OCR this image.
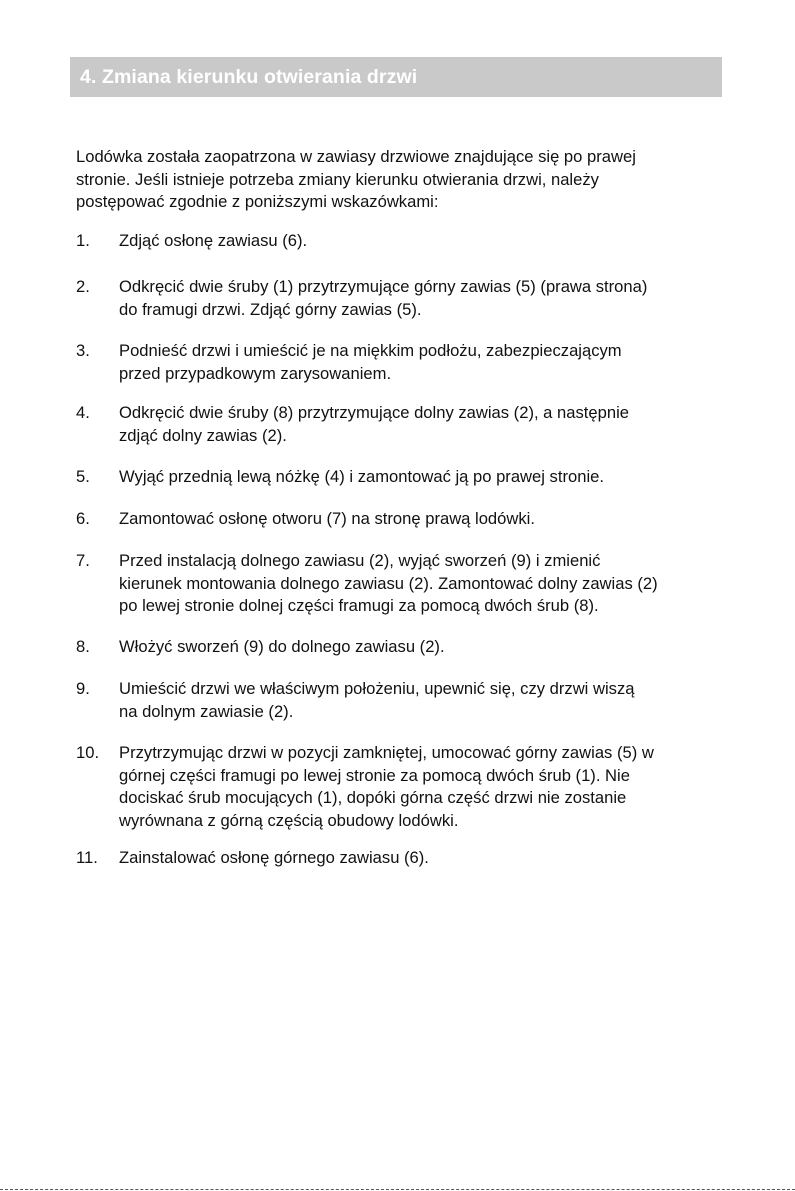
4. Zmiana kierunku otwierania drzwi

Lodówka została zaopatrzona w zawiasy drzwiowe znajdujące się po prawej
stronie. Jeśli istnieje potrzeba zmiany kierunku otwierania drzwi, należy
postępować zgodnie z poniższymi wskazówkami:

1.	Zdjąć osłonę zawiasu (6).
2.	Odkręcić dwie śruby (1) przytrzymujące górny zawias (5) (prawa strona)
do framugi drzwi. Zdjąć górny zawias (5).
3.	Podnieść drzwi i umieścić je na miękkim podłożu, zabezpieczającym
przed przypadkowym zarysowaniem.
4.	Odkręcić dwie śruby (8) przytrzymujące dolny zawias (2), a następnie
zdjąć dolny zawias (2).
5.	Wyjąć przednią lewą nóżkę (4) i zamontować ją po prawej stronie.
6.	Zamontować osłonę otworu (7) na stronę prawą lodówki.
7.	Przed instalacją dolnego zawiasu (2), wyjąć sworzeń (9) i zmienić
kierunek montowania dolnego zawiasu (2). Zamontować dolny zawias (2)
po lewej stronie dolnej części framugi za pomocą dwóch śrub (8).
8.	Włożyć sworzeń (9) do dolnego zawiasu (2).
9.	Umieścić drzwi we właściwym położeniu, upewnić się, czy drzwi wiszą
na dolnym zawiasie (2).
10.	Przytrzymując drzwi w pozycji zamkniętej, umocować górny zawias (5) w
górnej części framugi po lewej stronie za pomocą dwóch śrub (1). Nie
dociskać śrub mocujących (1), dopóki górna część drzwi nie zostanie
wyrównana z górną częścią obudowy lodówki.
11.	Zainstalować osłonę górnego zawiasu (6).
